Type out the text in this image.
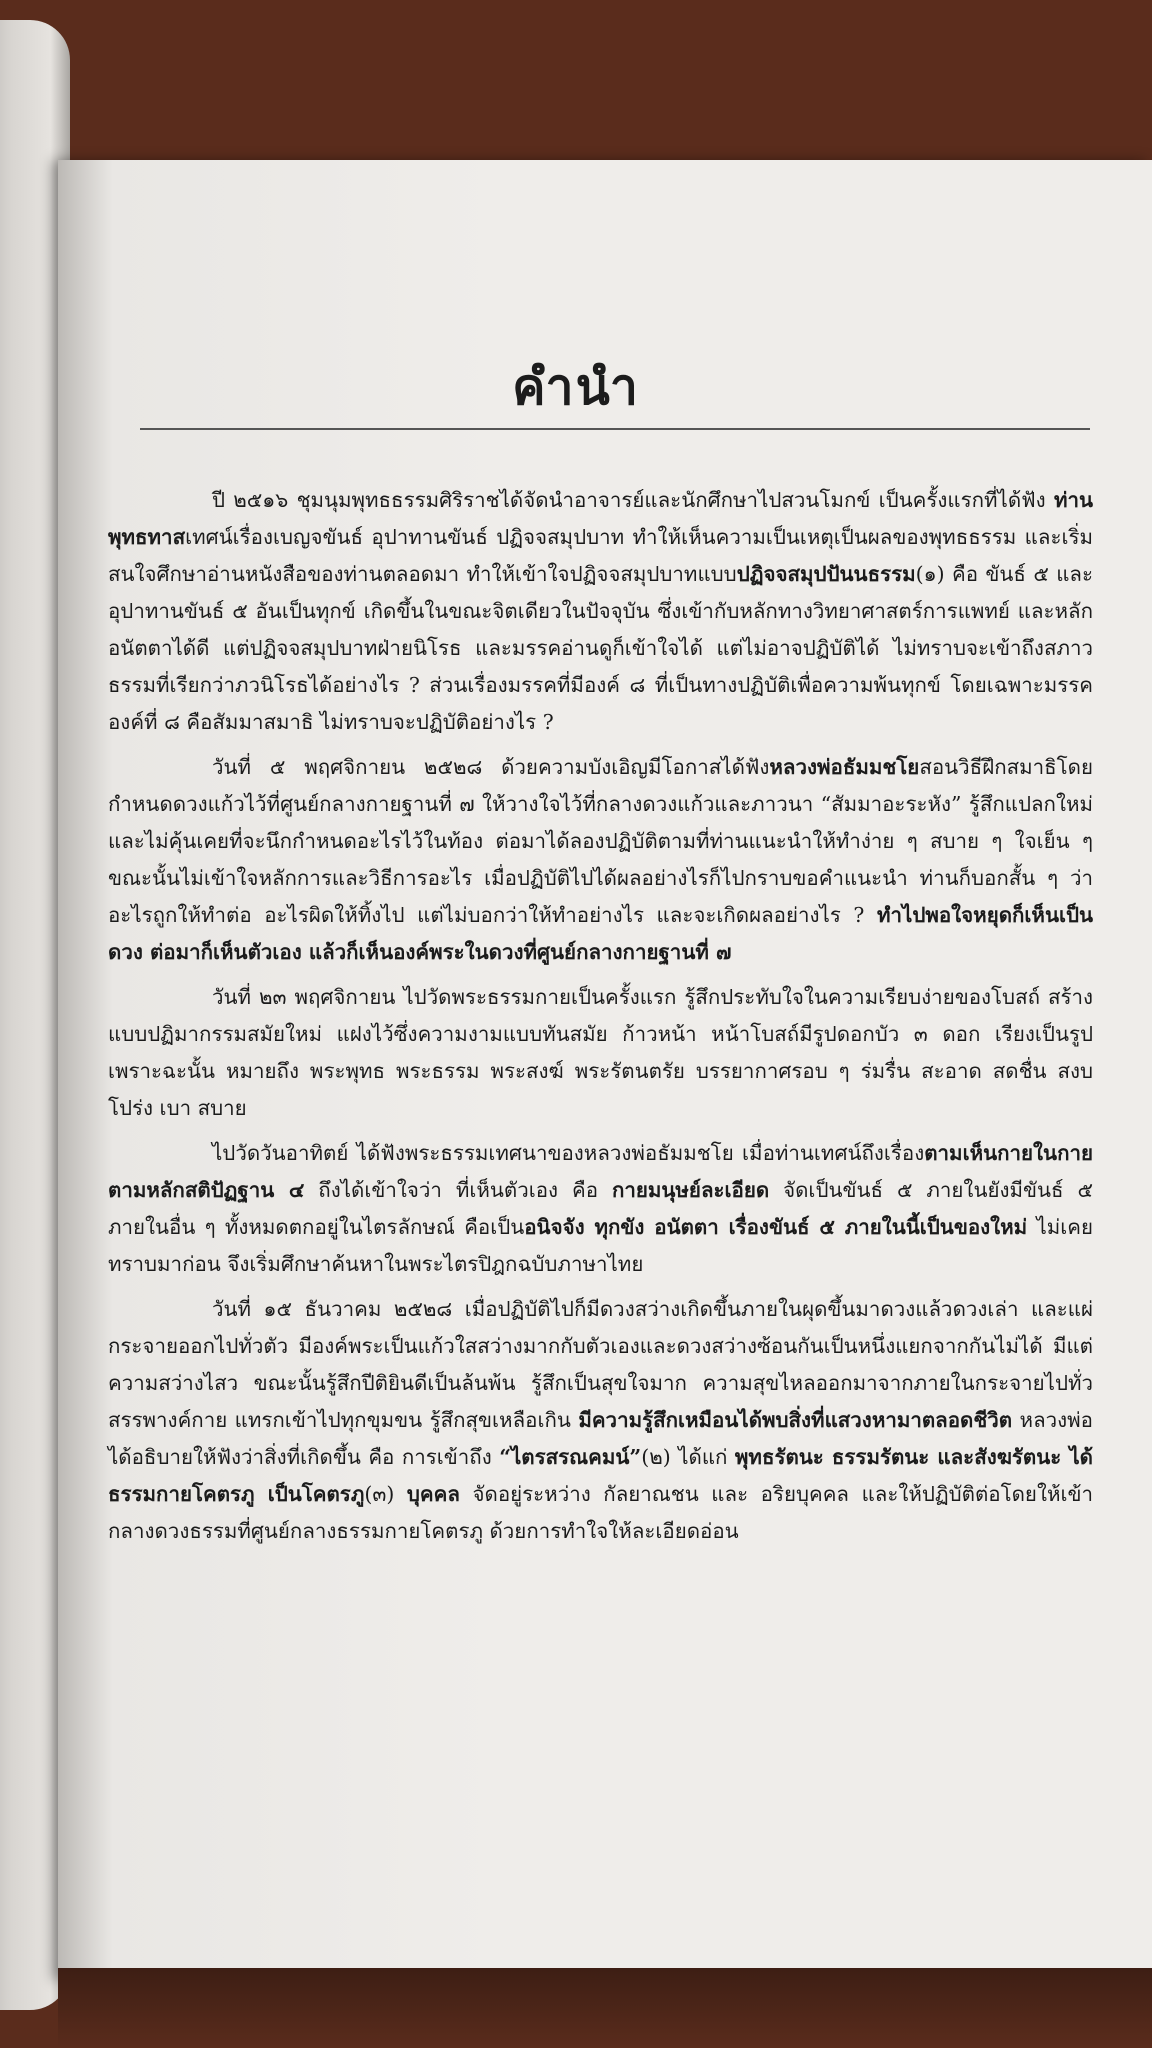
คำนำ

ปี ๒๕๑๖ ชุมนุมพุทธธรรมศิริราชได้จัดนำอาจารย์และนักศึกษาไปสวนโมกข์ เป็นครั้งแรกที่ได้ฟัง ท่านพุทธทาสเทศน์เรื่องเบญจขันธ์ อุปาทานขันธ์ ปฏิจจสมุปบาท ทำให้เห็นความเป็นเหตุเป็นผลของพุทธธรรม และเริ่มสนใจศึกษาอ่านหนังสือของท่านตลอดมา ทำให้เข้าใจปฏิจจสมุปบาทแบบปฏิจจสมุปปันนธรรม(๑) คือ ขันธ์ ๕ และอุปาทานขันธ์ ๕ อันเป็นทุกข์ เกิดขึ้นในขณะจิตเดียวในปัจจุบัน ซึ่งเข้ากับหลักทางวิทยาศาสตร์การแพทย์ และหลักอนัตตาได้ดี แต่ปฏิจจสมุปบาทฝ่ายนิโรธ และมรรคอ่านดูก็เข้าใจได้ แต่ไม่อาจปฏิบัติได้ ไม่ทราบจะเข้าถึงสภาวธรรมที่เรียกว่าภวนิโรธได้อย่างไร ? ส่วนเรื่องมรรคที่มีองค์ ๘ ที่เป็นทางปฏิบัติเพื่อความพ้นทุกข์ โดยเฉพาะมรรคองค์ที่ ๘ คือสัมมาสมาธิ ไม่ทราบจะปฏิบัติอย่างไร ?

วันที่ ๕ พฤศจิกายน ๒๕๒๘ ด้วยความบังเอิญมีโอกาสได้ฟังหลวงพ่อธัมมชโยสอนวิธีฝึกสมาธิโดยกำหนดดวงแก้วไว้ที่ศูนย์กลางกายฐานที่ ๗ ให้วางใจไว้ที่กลางดวงแก้วและภาวนา “สัมมาอะระหัง” รู้สึกแปลกใหม่และไม่คุ้นเคยที่จะนึกกำหนดอะไรไว้ในท้อง ต่อมาได้ลองปฏิบัติตามที่ท่านแนะนำให้ทำง่าย ๆ สบาย ๆ ใจเย็น ๆ ขณะนั้นไม่เข้าใจหลักการและวิธีการอะไร เมื่อปฏิบัติไปได้ผลอย่างไรก็ไปกราบขอคำแนะนำ ท่านก็บอกสั้น ๆ ว่าอะไรถูกให้ทำต่อ อะไรผิดให้ทิ้งไป แต่ไม่บอกว่าให้ทำอย่างไร และจะเกิดผลอย่างไร ? ทำไปพอใจหยุดก็เห็นเป็นดวง ต่อมาก็เห็นตัวเอง แล้วก็เห็นองค์พระในดวงที่ศูนย์กลางกายฐานที่ ๗

วันที่ ๒๓ พฤศจิกายน ไปวัดพระธรรมกายเป็นครั้งแรก รู้สึกประทับใจในความเรียบง่ายของโบสถ์ สร้างแบบปฏิมากรรมสมัยใหม่ แฝงไว้ซึ่งความงามแบบทันสมัย ก้าวหน้า หน้าโบสถ์มีรูปดอกบัว ๓ ดอก เรียงเป็นรูป เพราะฉะนั้น หมายถึง พระพุทธ พระธรรม พระสงฆ์ พระรัตนตรัย บรรยากาศรอบ ๆ ร่มรื่น สะอาด สดชื่น สงบ โปร่ง เบา สบาย

ไปวัดวันอาทิตย์ ได้ฟังพระธรรมเทศนาของหลวงพ่อธัมมชโย เมื่อท่านเทศน์ถึงเรื่องตามเห็นกายในกายตามหลักสติปัฏฐาน ๔ ถึงได้เข้าใจว่า ที่เห็นตัวเอง คือ กายมนุษย์ละเอียด จัดเป็นขันธ์ ๕ ภายในยังมีขันธ์ ๕ ภายในอื่น ๆ ทั้งหมดตกอยู่ในไตรลักษณ์ คือเป็นอนิจจัง ทุกขัง อนัตตา เรื่องขันธ์ ๕ ภายในนี้เป็นของใหม่ ไม่เคยทราบมาก่อน จึงเริ่มศึกษาค้นหาในพระไตรปิฎกฉบับภาษาไทย

วันที่ ๑๕ ธันวาคม ๒๕๒๘ เมื่อปฏิบัติไปก็มีดวงสว่างเกิดขึ้นภายในผุดขึ้นมาดวงแล้วดวงเล่า และแผ่กระจายออกไปทั่วตัว มีองค์พระเป็นแก้วใสสว่างมากกับตัวเองและดวงสว่างซ้อนกันเป็นหนึ่งแยกจากกันไม่ได้ มีแต่ความสว่างไสว ขณะนั้นรู้สึกปีติยินดีเป็นล้นพ้น รู้สึกเป็นสุขใจมาก ความสุขไหลออกมาจากภายในกระจายไปทั่วสรรพางค์กาย แทรกเข้าไปทุกขุมขน รู้สึกสุขเหลือเกิน มีความรู้สึกเหมือนได้พบสิ่งที่แสวงหามาตลอดชีวิต หลวงพ่อได้อธิบายให้ฟังว่าสิ่งที่เกิดขึ้น คือ การเข้าถึง “ไตรสรณคมน์”(๒) ได้แก่ พุทธรัตนะ ธรรมรัตนะ และสังฆรัตนะ ได้ธรรมกายโคตรภู เป็นโคตรภู(๓) บุคคล จัดอยู่ระหว่าง กัลยาณชน และ อริยบุคคล และให้ปฏิบัติต่อโดยให้เข้ากลางดวงธรรมที่ศูนย์กลางธรรมกายโคตรภู ด้วยการทำใจให้ละเอียดอ่อน
